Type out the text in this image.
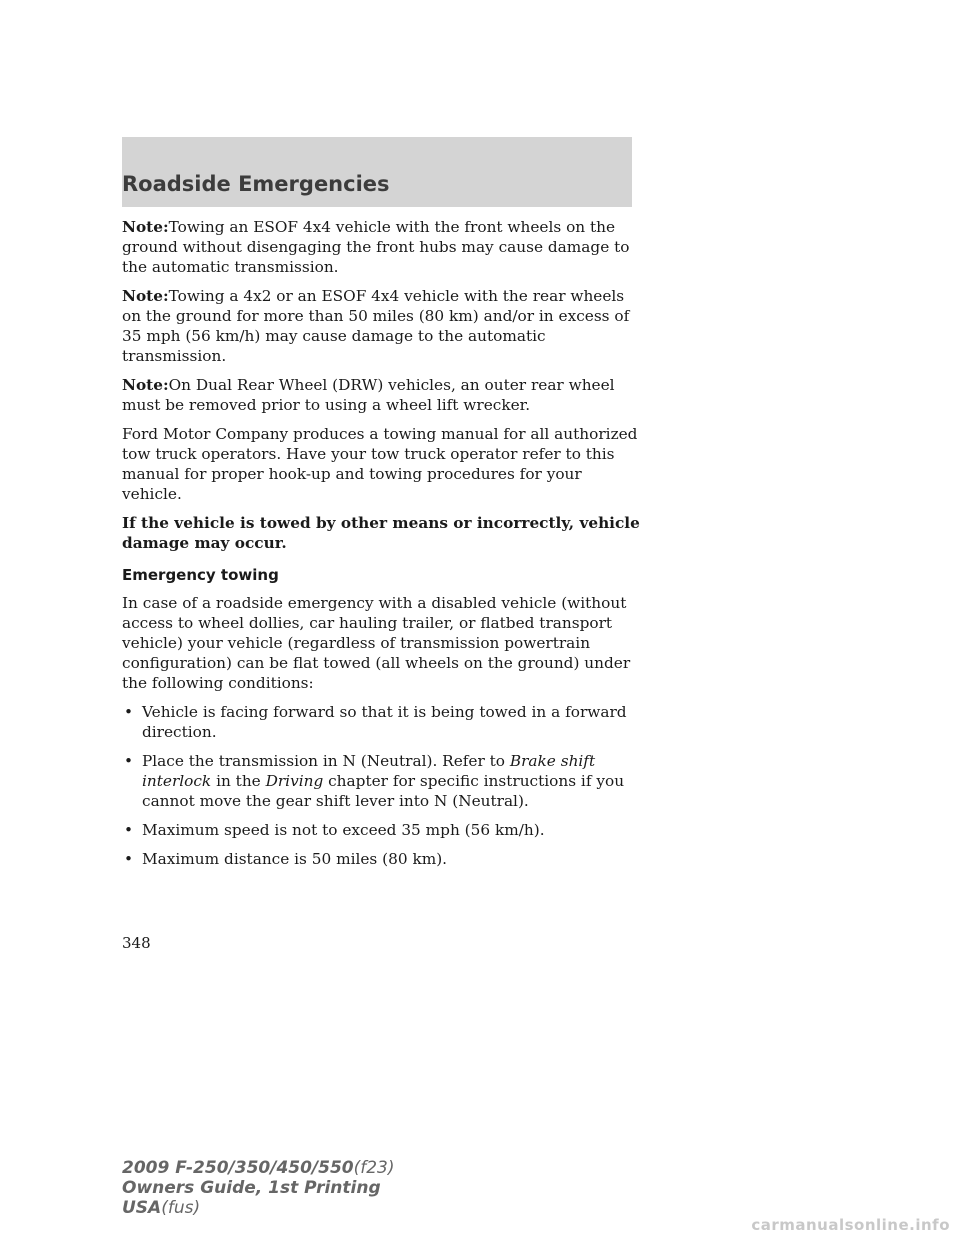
Roadside Emergencies

Note:Towing an ESOF 4x4 vehicle with the front wheels on the ground without disengaging the front hubs may cause damage to the automatic transmission.

Note:Towing a 4x2 or an ESOF 4x4 vehicle with the rear wheels on the ground for more than 50 miles (80 km) and/or in excess of 35 mph (56 km/h) may cause damage to the automatic transmission.

Note:On Dual Rear Wheel (DRW) vehicles, an outer rear wheel must be removed prior to using a wheel lift wrecker.

Ford Motor Company produces a towing manual for all authorized tow truck operators. Have your tow truck operator refer to this manual for proper hook-up and towing procedures for your vehicle.

If the vehicle is towed by other means or incorrectly, vehicle damage may occur.

Emergency towing

In case of a roadside emergency with a disabled vehicle (without access to wheel dollies, car hauling trailer, or flatbed transport vehicle) your vehicle (regardless of transmission powertrain configuration) can be flat towed (all wheels on the ground) under the following conditions:

• Vehicle is facing forward so that it is being towed in a forward direction.
• Place the transmission in N (Neutral). Refer to Brake shift interlock in the Driving chapter for specific instructions if you cannot move the gear shift lever into N (Neutral).
• Maximum speed is not to exceed 35 mph (56 km/h).
• Maximum distance is 50 miles (80 km).
348
2009 F-250/350/450/550(f23)
Owners Guide, 1st Printing
USA(fus)
carmanualsonline.info
